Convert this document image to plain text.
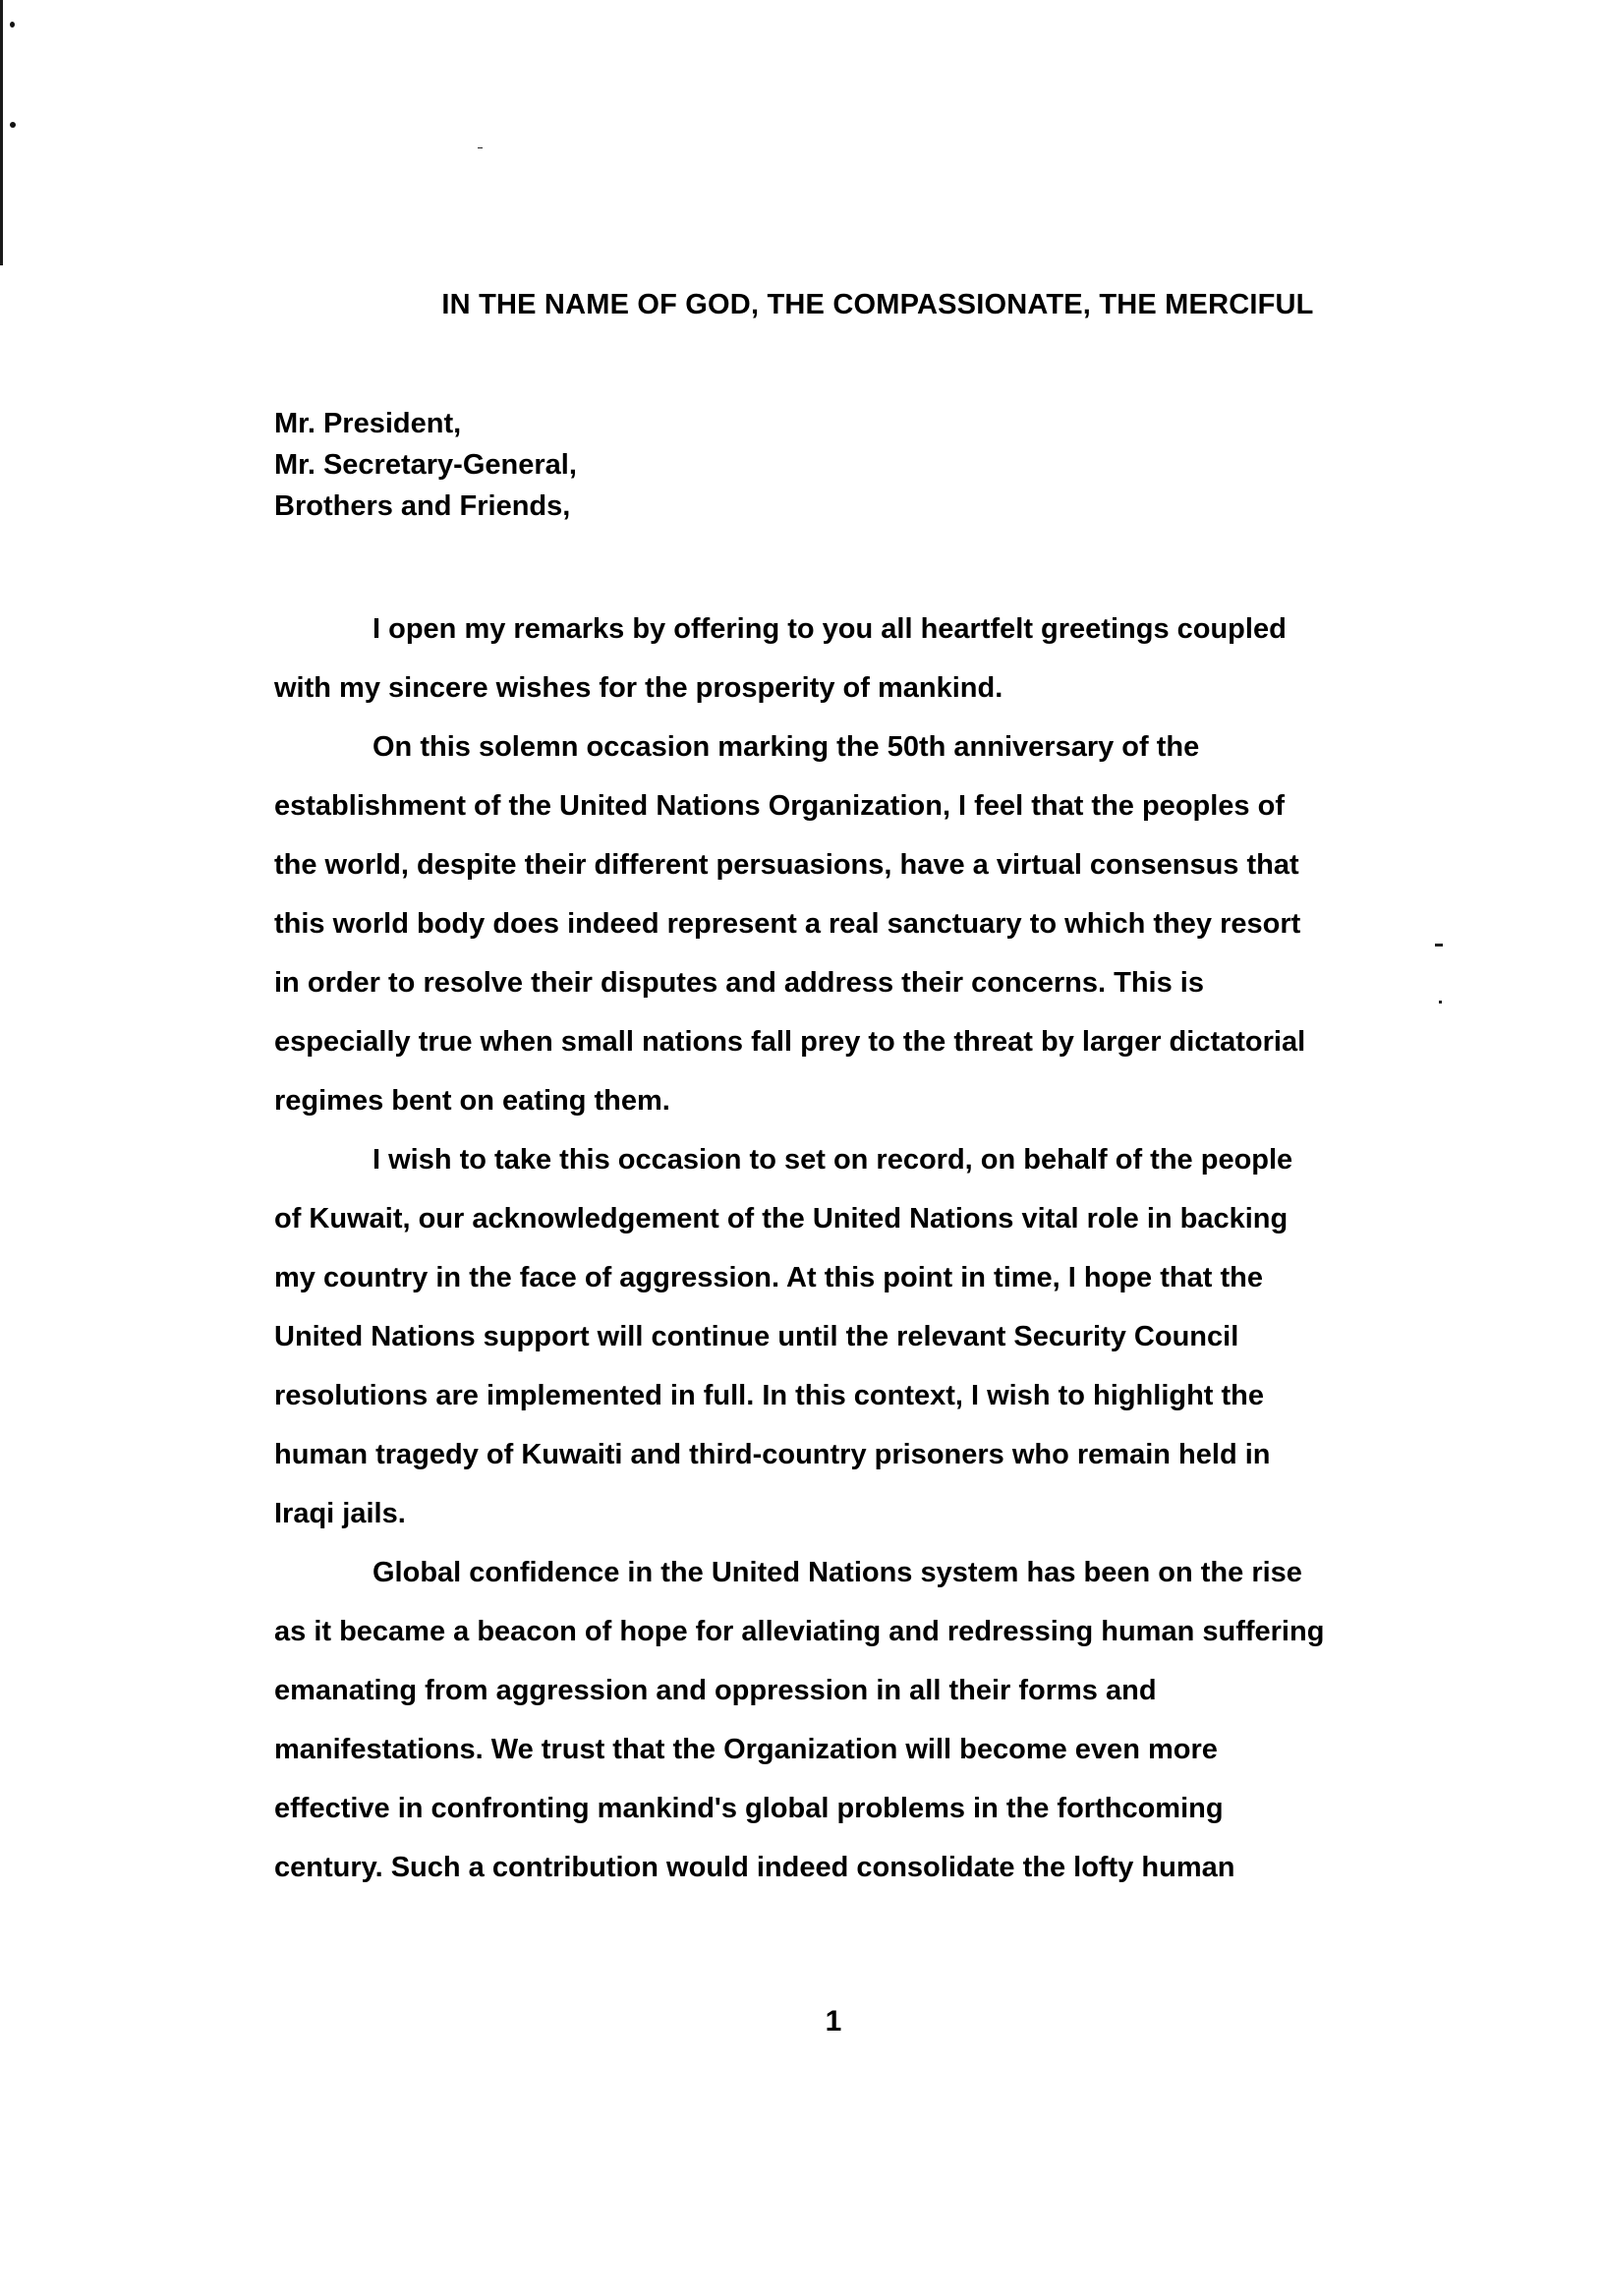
IN THE NAME OF GOD, THE COMPASSIONATE, THE MERCIFUL
Mr. President,
Mr. Secretary-General,
Brothers and Friends,
I open my remarks by offering to you all heartfelt greetings coupled
with my sincere wishes for the prosperity of mankind.
On this solemn occasion marking the 50th anniversary of the
establishment of the United Nations Organization, I feel that the peoples of
the world, despite their different persuasions, have a virtual consensus that
this world body does indeed represent a real sanctuary to which they resort
in order to resolve their disputes and address their concerns. This is
especially true when small nations fall prey to the threat by larger dictatorial
regimes bent on eating them.
I wish to take this occasion to set on record, on behalf of the people
of Kuwait, our acknowledgement of the United Nations vital role in backing
my country in the face of aggression. At this point in time, I hope that the
United Nations support will continue until the relevant Security Council
resolutions are implemented in full. In this context, I wish to highlight the
human tragedy of Kuwaiti and third-country prisoners who remain held in
Iraqi jails.
Global confidence in the United Nations system has been on the rise
as it became a beacon of hope for alleviating and redressing human suffering
emanating from aggression and oppression in all their forms and
manifestations. We trust that the Organization will become even more
effective in confronting mankind's global problems in the forthcoming
century. Such a contribution would indeed consolidate the lofty human
1
